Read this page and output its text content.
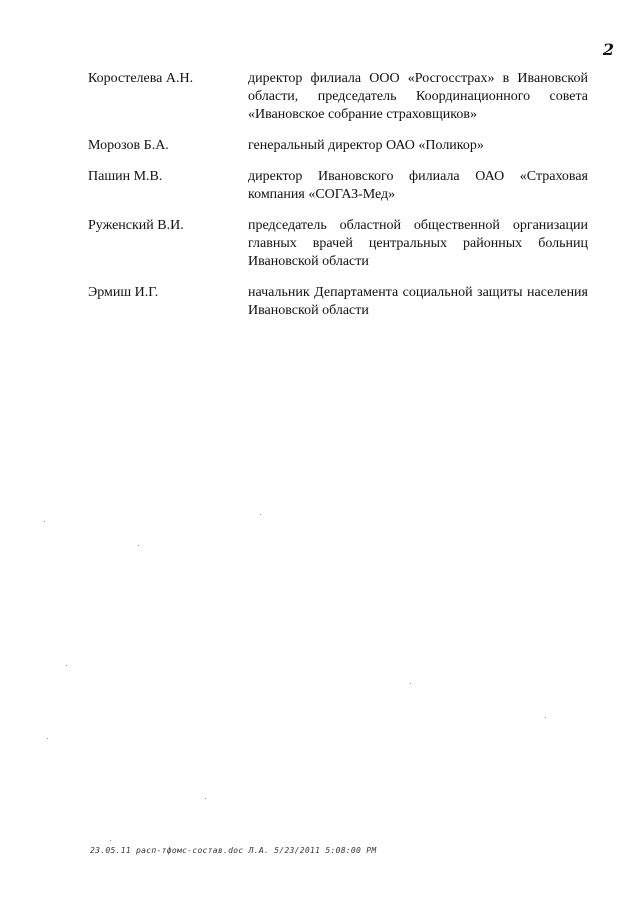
2
Коростелева А.Н.	директор филиала ООО «Росгосстрах» в Ивановской области, председатель Координационного совета «Ивановское собрание страховщиков»
Морозов Б.А.	генеральный директор ОАО «Поликор»
Пашин М.В.	директор Ивановского филиала ОАО «Страховая компания «СОГАЗ-Мед»
Руженский В.И.	председатель областной общественной организации главных врачей центральных районных больниц Ивановской области
Эрмиш И.Г.	начальник Департамента социальной защиты населения Ивановской области
23.05.11 расп-тфомс-состав.doc Л.А. 5/23/2011 5:08:00 PM
